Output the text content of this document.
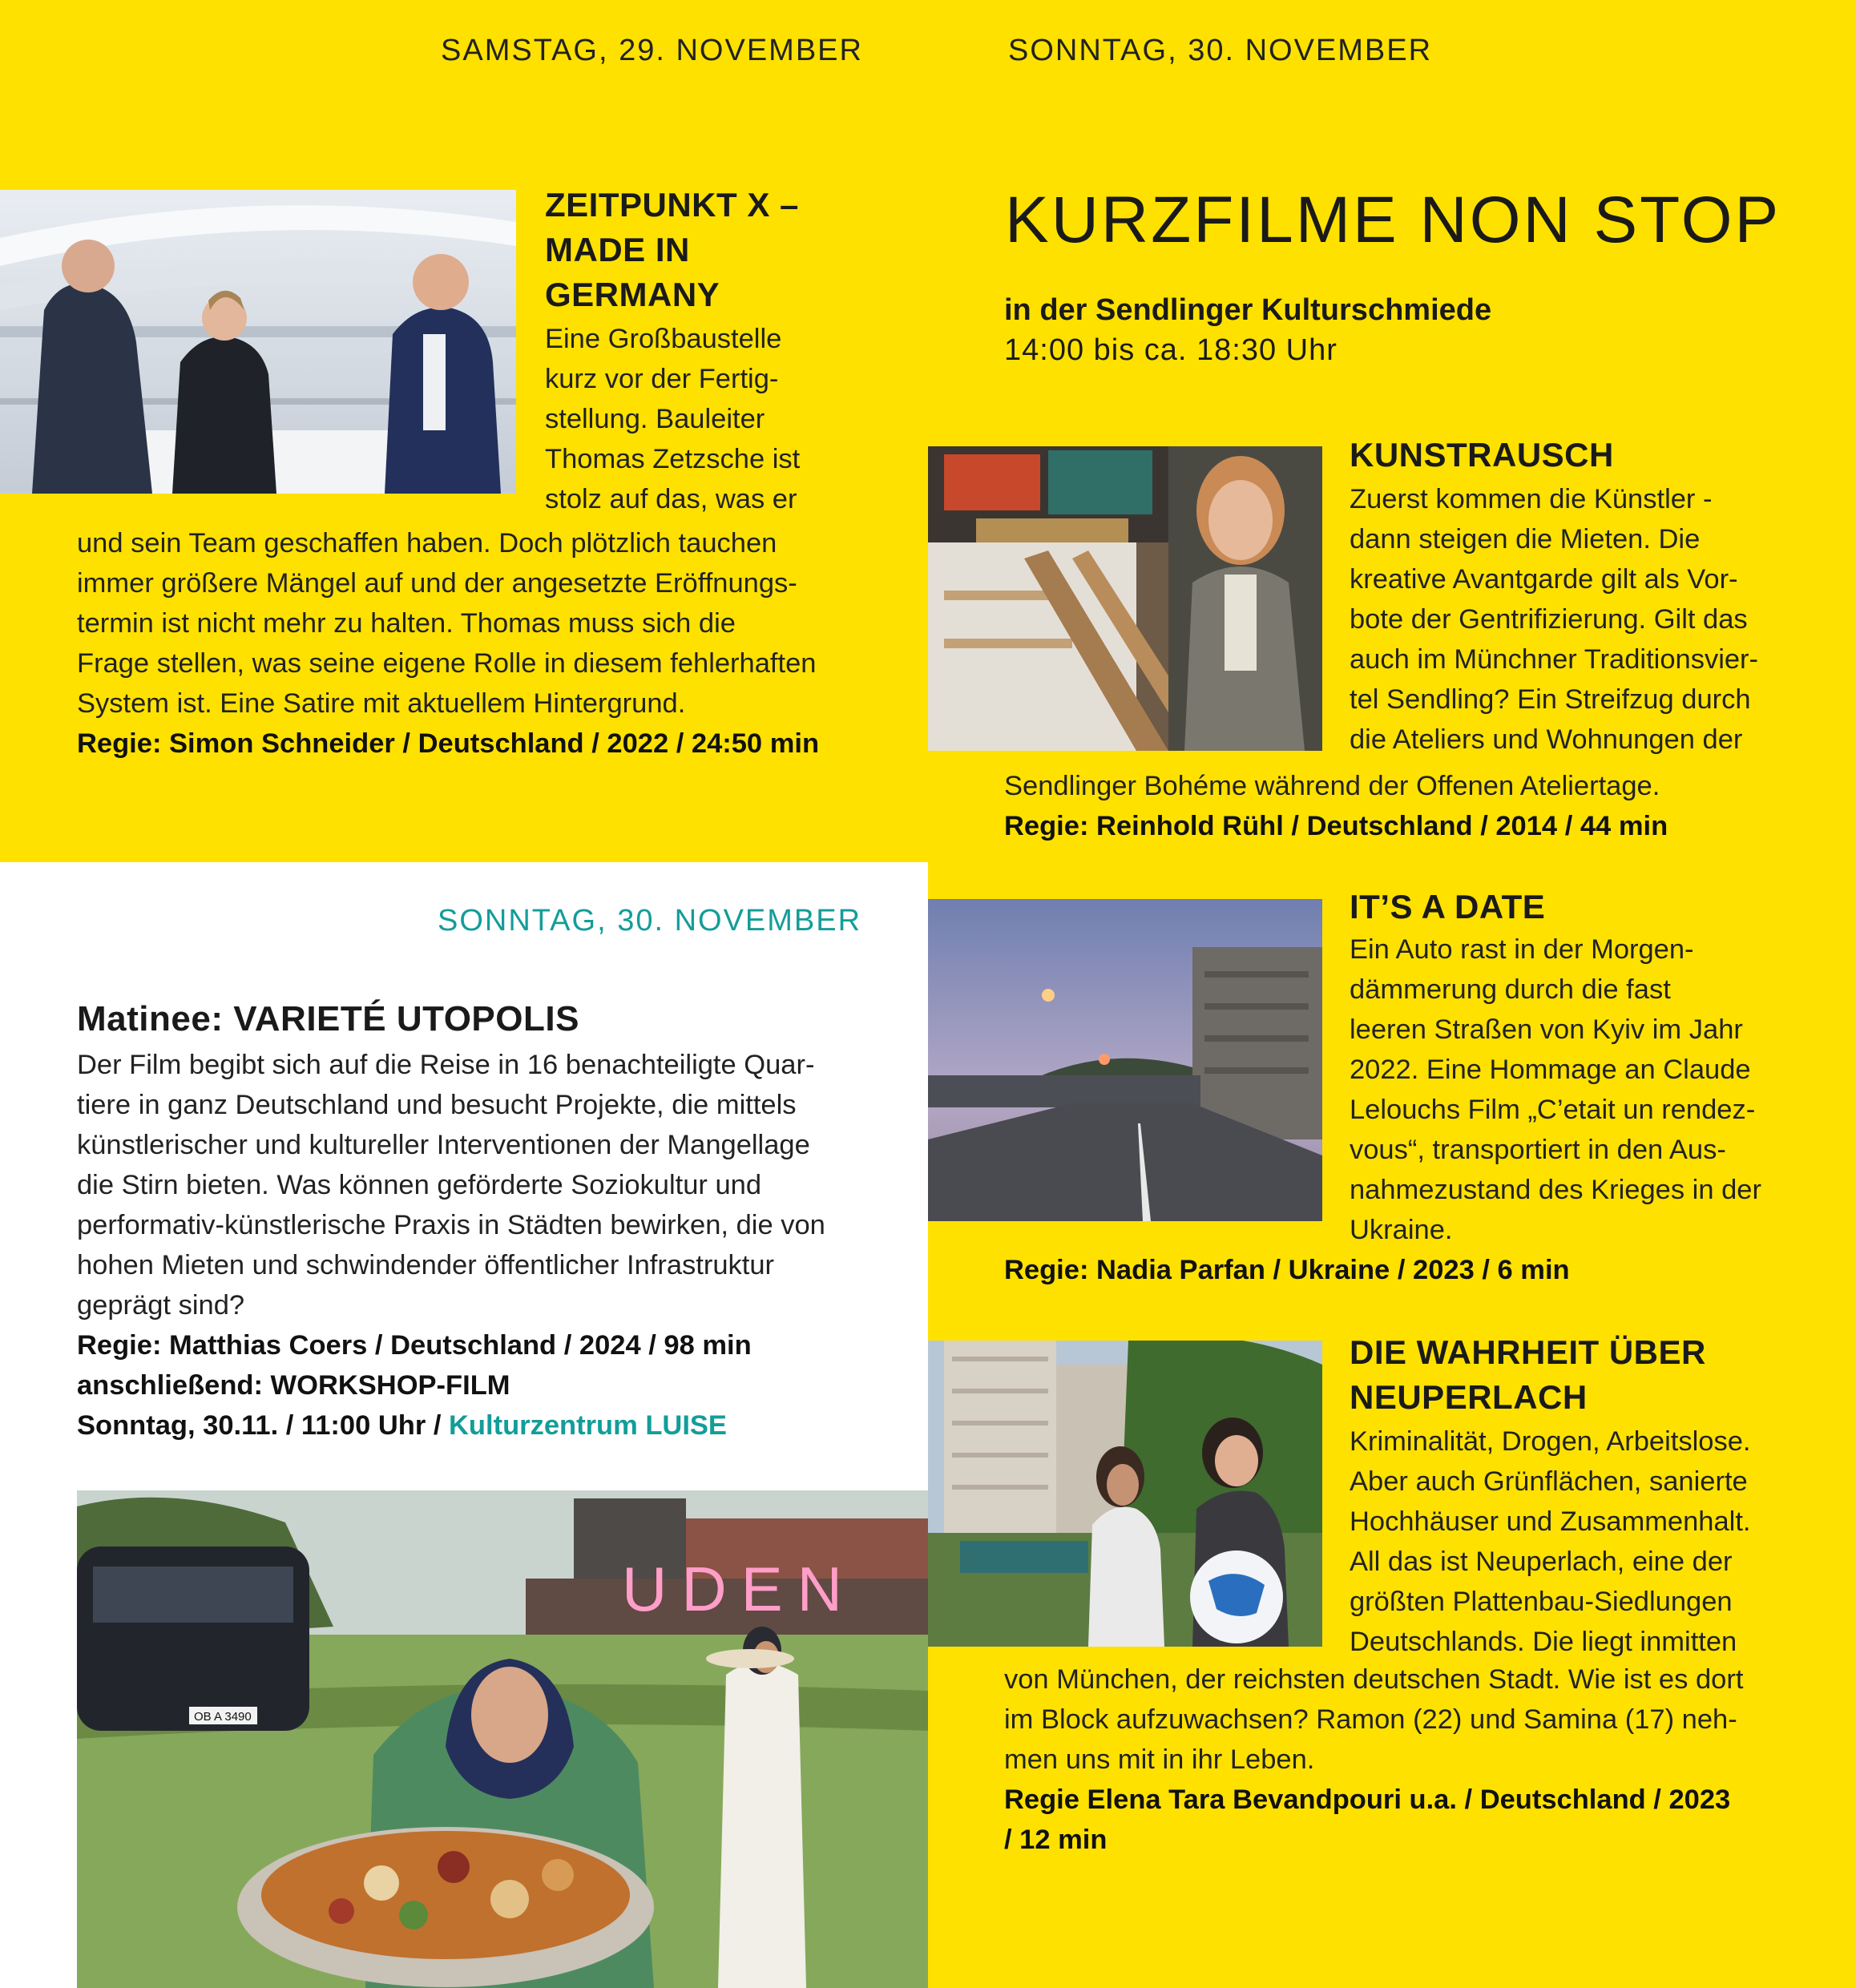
SAMSTAG, 29. NOVEMBER	SONNTAG, 30. NOVEMBER
ZEITPUNKT X –
MADE IN
GERMANY

Eine Großbaustelle

kurz vor der Fertig-

stellung. Bauleiter

Thomas Zetzsche ist

stolz auf das, was er

und sein Team geschaffen haben. Doch plötzlich tauchen

immer größere Mängel auf und der angesetzte Eröffnungs-

termin ist nicht mehr zu halten. Thomas muss sich die

Frage stellen, was seine eigene Rolle in diesem fehlerhaften

System ist. Eine Satire mit aktuellem Hintergrund.

Regie: Simon Schneider / Deutschland / 2022 / 24:50 min
SONNTAG, 30. NOVEMBER
Matinee: VARIETÉ UTOPOLIS

Der Film begibt sich auf die Reise in 16 benachteiligte Quar-

tiere in ganz Deutschland und besucht Projekte, die mittels

künstlerischer und kultureller Interventionen der Mangellage

die Stirn bieten. Was können geförderte Soziokultur und

performativ-künstlerische Praxis in Städten bewirken, die von

hohen Mieten und schwindender öffentlicher Infrastruktur

geprägt sind?

Regie: Matthias Coers / Deutschland / 2024 / 98 min
anschließend: WORKSHOP-FILM
Sonntag, 30.11. / 11:00 Uhr / Kulturzentrum LUISE
UDEN
OB A 3490
KURZFILME NON STOP
in der Sendlinger Kulturschmiede
14:00 bis ca. 18:30 Uhr
KUNSTRAUSCH

Zuerst kommen die Künstler -

dann steigen die Mieten. Die

kreative Avantgarde gilt als Vor-

bote der Gentrifizierung. Gilt das

auch im Münchner Traditionsvier-

tel Sendling? Ein Streifzug durch

die Ateliers und Wohnungen der

Sendlinger Bohéme während der Offenen Ateliertage.

Regie: Reinhold Rühl / Deutschland / 2014 / 44 min
IT’S A DATE

Ein Auto rast in der Morgen-

dämmerung durch die fast

leeren Straßen von Kyiv im Jahr

2022. Eine Hommage an Claude

Lelouchs Film „C’etait un rendez-

vous“, transportiert in den Aus-

nahmezustand des Krieges in der

Ukraine.

Regie: Nadia Parfan / Ukraine / 2023 / 6 min
DIE WAHRHEIT ÜBER
NEUPERLACH

Kriminalität, Drogen, Arbeitslose.

Aber auch Grünflächen, sanierte

Hochhäuser und Zusammenhalt.

All das ist Neuperlach, eine der

größten Plattenbau-Siedlungen

Deutschlands. Die liegt inmitten

von München, der reichsten deutschen Stadt. Wie ist es dort

im Block aufzuwachsen? Ramon (22) und Samina (17) neh-

men uns mit in ihr Leben.

Regie Elena Tara Bevandpouri u.a. / Deutschland / 2023
/ 12 min
